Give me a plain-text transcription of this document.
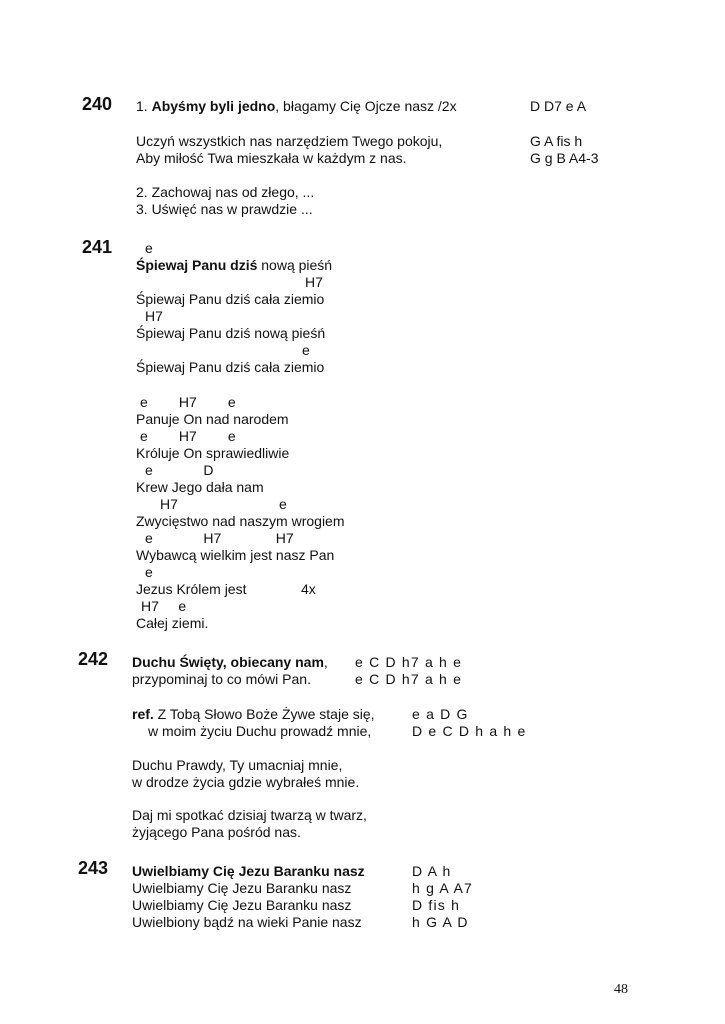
240 1. Abyśmy byli jedno, błagamy Cię Ojcze nasz /2x
Uczyń wszystkich nas narzędziem Twego pokoju,
Aby miłość Twa mieszkała w każdym z nas.
2. Zachowaj nas od złego, ...
3. Uświęć nas w prawdzie ...
D D7 e A
G A fis h
G g B A4-3
241 e
Śpiewaj Panu dziś nową pieśń
H7
Śpiewaj Panu dziś cała ziemio
H7
Śpiewaj Panu dziś nową pieśń
e
Śpiewaj Panu dziś cała ziemio
e        H7        e
Panuje On nad narodem
e        H7        e
Króluje On sprawiedliwie
e             D
Krew Jego dała nam
H7                          e
Zwycięstwo nad naszym wrogiem
e             H7              H7
Wybawcą wielkim jest nasz Pan
e
Jezus Królem jest	4x
H7     e
Całej ziemi.
242 Duchu Święty, obiecany nam,
przypominaj to co mówi Pan.
ref. Z Tobą Słowo Boże Żywe staje się,
w moim życiu Duchu prowadź mnie,
Duchu Prawdy, Ty umacniaj mnie,
w drodze życia gdzie wybrałeś mnie.
Daj mi spotkać dzisiaj twarzą w twarz,
żyjącego Pana pośród nas.
e C D h7 a h e
e C D h7 a h e
e a D G
D e C D h a h e
243 Uwielbiamy Cię Jezu Baranku nasz
Uwielbiamy Cię Jezu Baranku nasz
Uwielbiamy Cię Jezu Baranku nasz
Uwielbiony bądź na wieki Panie nasz
D A h
h g A A7
D fis h
h G A D
48
